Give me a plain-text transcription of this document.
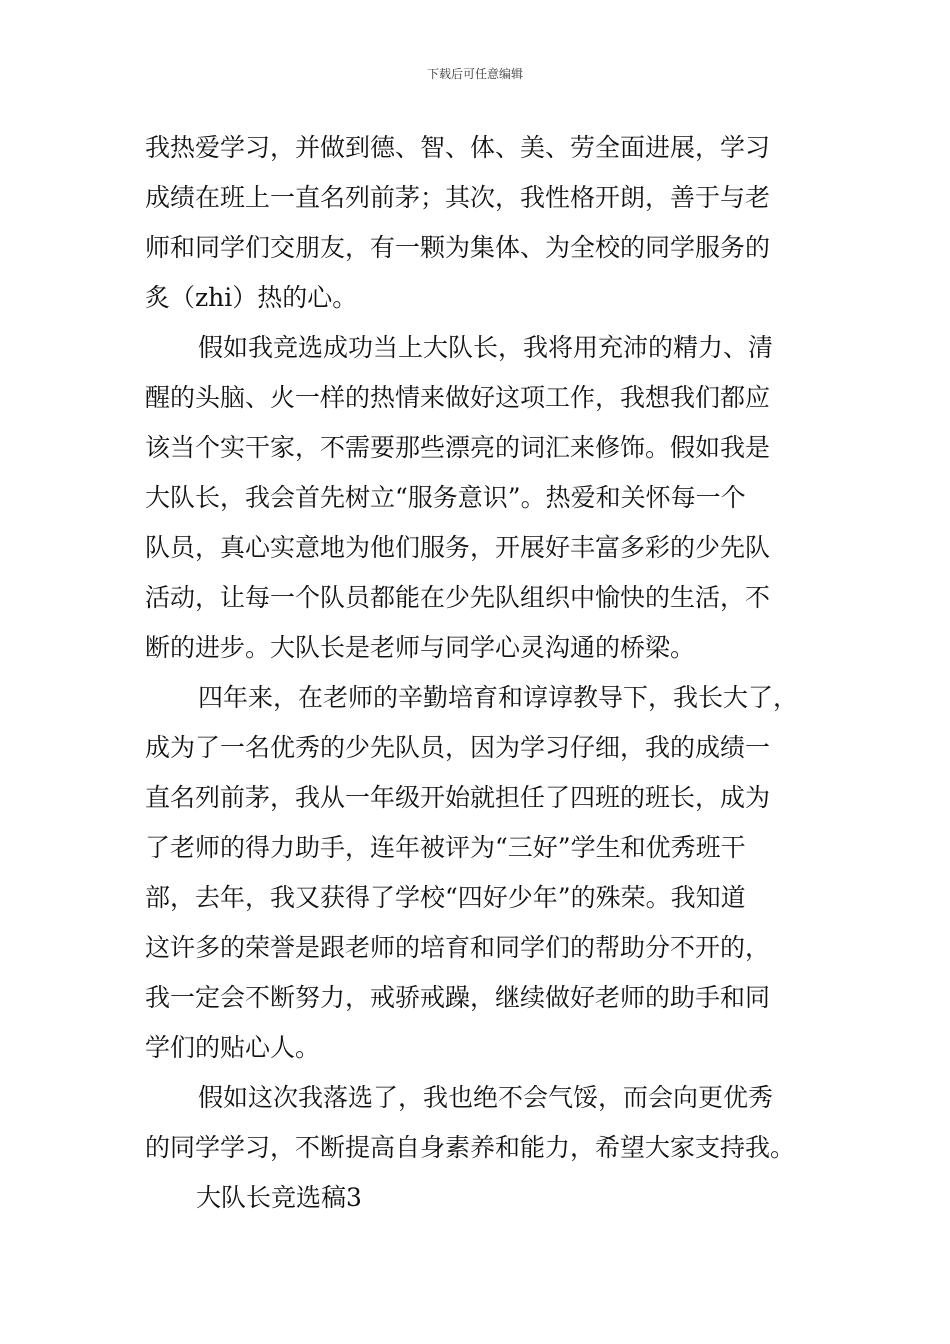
下载后可任意编辑
我热爱学习，并做到德、智、体、美、劳全面进展，学习
成绩在班上一直名列前茅；其次，我性格开朗，善于与老
师和同学们交朋友，有一颗为集体、为全校的同学服务的
炙（zhi）热的心。
假如我竞选成功当上大队长，我将用充沛的精力、清
醒的头脑、火一样的热情来做好这项工作，我想我们都应
该当个实干家，不需要那些漂亮的词汇来修饰。假如我是
大队长，我会首先树立“服务意识”。热爱和关怀每一个
队员，真心实意地为他们服务，开展好丰富多彩的少先队
活动，让每一个队员都能在少先队组织中愉快的生活，不
断的进步。大队长是老师与同学心灵沟通的桥梁。
四年来，在老师的辛勤培育和谆谆教导下，我长大了，
成为了一名优秀的少先队员，因为学习仔细，我的成绩一
直名列前茅，我从一年级开始就担任了四班的班长，成为
了老师的得力助手，连年被评为“三好”学生和优秀班干
部，去年，我又获得了学校“四好少年”的殊荣。我知道
这许多的荣誉是跟老师的培育和同学们的帮助分不开的，
我一定会不断努力，戒骄戒躁，继续做好老师的助手和同
学们的贴心人。
假如这次我落选了，我也绝不会气馁，而会向更优秀
的同学学习，不断提高自身素养和能力，希望大家支持我。
大队长竞选稿3
